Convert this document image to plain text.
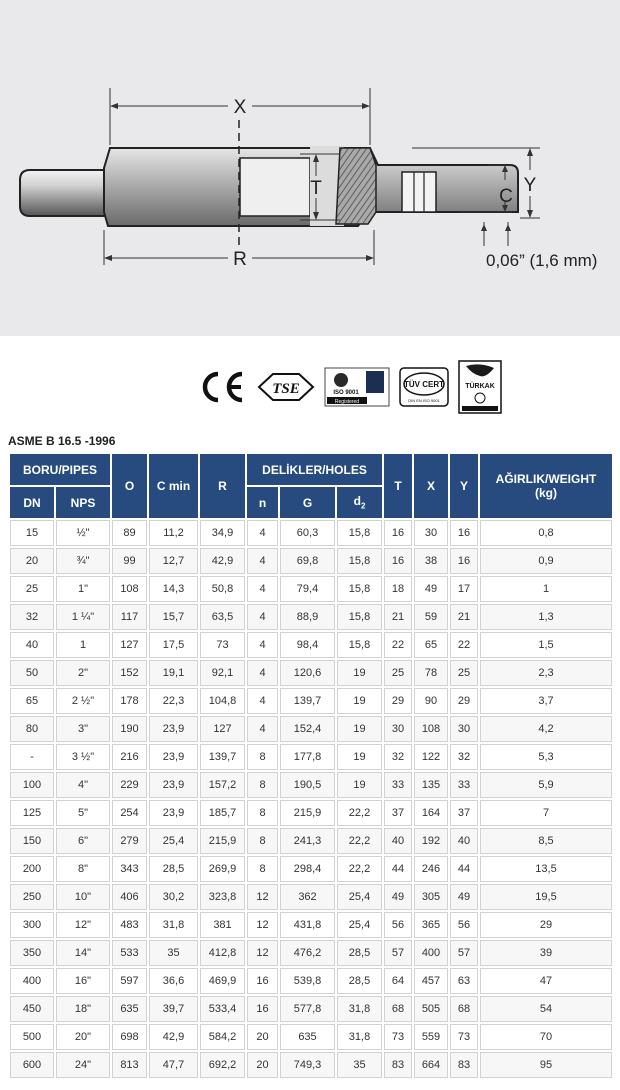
X
R
T	Y
C
0,06” (1,6 mm)
TSE	ISO 9001
Registered
TÜV CERT
DIN EN ISO 9001
TÜRKAK
ASME B 16.5 -1996
BORU/PIPES		O	C min	R	DELİKLER/HOLES			T	X	Y	AĞIRLIK/WEIGHT
(kg)
DN	NPS				n	G	$d_2$
15	½"	89	11,2	34,9	4	60,3	15,8	16	30	16	0,8
20	¾"	99	12,7	42,9	4	69,8	15,8	16	38	16	0,9
25	1"	108	14,3	50,8	4	79,4	15,8	18	49	17	1
32	1 ¼"	117	15,7	63,5	4	88,9	15,8	21	59	21	1,3
40	1	127	17,5	73	4	98,4	15,8	22	65	22	1,5
50	2"	152	19,1	92,1	4	120,6	19	25	78	25	2,3
65	2 ½"	178	22,3	104,8	4	139,7	19	29	90	29	3,7
80	3"	190	23,9	127	4	152,4	19	30	108	30	4,2
-	3 ½"	216	23,9	139,7	8	177,8	19	32	122	32	5,3
100	4"	229	23,9	157,2	8	190,5	19	33	135	33	5,9
125	5"	254	23,9	185,7	8	215,9	22,2	37	164	37	7
150	6"	279	25,4	215,9	8	241,3	22,2	40	192	40	8,5
200	8"	343	28,5	269,9	8	298,4	22,2	44	246	44	13,5
250	10"	406	30,2	323,8	12	362	25,4	49	305	49	19,5
300	12"	483	31,8	381	12	431,8	25,4	56	365	56	29
350	14"	533	35	412,8	12	476,2	28,5	57	400	57	39
400	16"	597	36,6	469,9	16	539,8	28,5	64	457	63	47
450	18"	635	39,7	533,4	16	577,8	31,8	68	505	68	54
500	20"	698	42,9	584,2	20	635	31,8	73	559	73	70
600	24"	813	47,7	692,2	20	749,3	35	83	664	83	95
